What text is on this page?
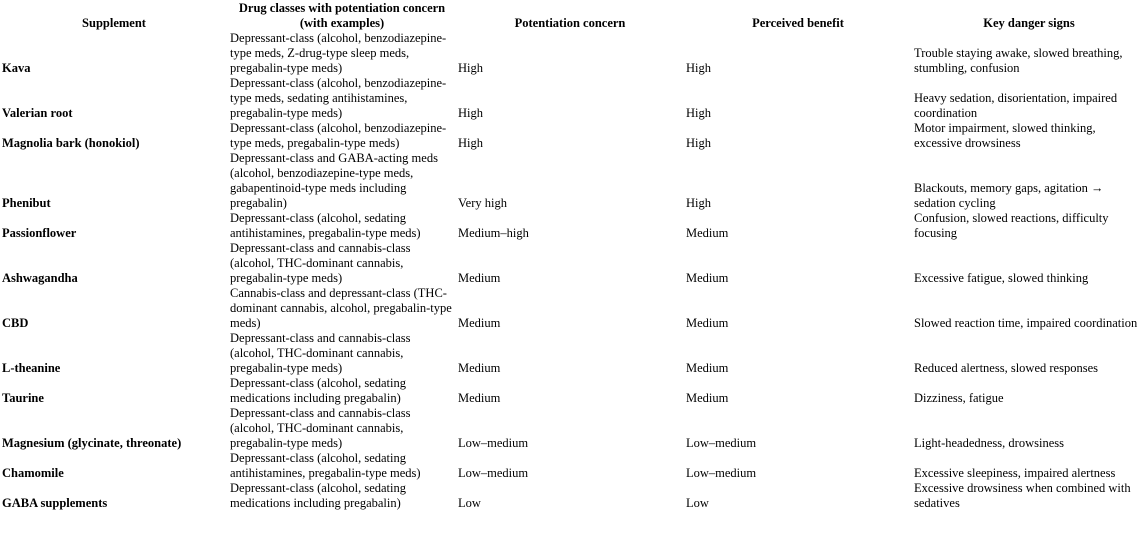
Supplement	Drug classes with potentiation concern (with examples)	Potentiation concern	Perceived benefit	Key danger signs
Kava	Depressant-class (alcohol, benzodiazepine-type meds, Z-drug-type sleep meds, pregabalin-type meds)	High	High	Trouble staying awake, slowed breathing, stumbling, confusion
Valerian root	Depressant-class (alcohol, benzodiazepine-type meds, sedating antihistamines, pregabalin-type meds)	High	High	Heavy sedation, disorientation, impaired coordination
Magnolia bark (honokiol)	Depressant-class (alcohol, benzodiazepine-type meds, pregabalin-type meds)	High	High	Motor impairment, slowed thinking, excessive drowsiness
Phenibut	Depressant-class and GABA-acting meds (alcohol, benzodiazepine-type meds, gabapentinoid-type meds including pregabalin)	Very high	High	Blackouts, memory gaps, agitation → sedation cycling
Passionflower	Depressant-class (alcohol, sedating antihistamines, pregabalin-type meds)	Medium–high	Medium	Confusion, slowed reactions, difficulty focusing
Ashwagandha	Depressant-class and cannabis-class (alcohol, THC-dominant cannabis, pregabalin-type meds)	Medium	Medium	Excessive fatigue, slowed thinking
CBD	Cannabis-class and depressant-class (THC-dominant cannabis, alcohol, pregabalin-type meds)	Medium	Medium	Slowed reaction time, impaired coordination
L-theanine	Depressant-class and cannabis-class (alcohol, THC-dominant cannabis, pregabalin-type meds)	Medium	Medium	Reduced alertness, slowed responses
Taurine	Depressant-class (alcohol, sedating medications including pregabalin)	Medium	Medium	Dizziness, fatigue
Magnesium (glycinate, threonate)	Depressant-class and cannabis-class (alcohol, THC-dominant cannabis, pregabalin-type meds)	Low–medium	Low–medium	Light-headedness, drowsiness
Chamomile	Depressant-class (alcohol, sedating antihistamines, pregabalin-type meds)	Low–medium	Low–medium	Excessive sleepiness, impaired alertness
GABA supplements	Depressant-class (alcohol, sedating medications including pregabalin)	Low	Low	Excessive drowsiness when combined with sedatives
